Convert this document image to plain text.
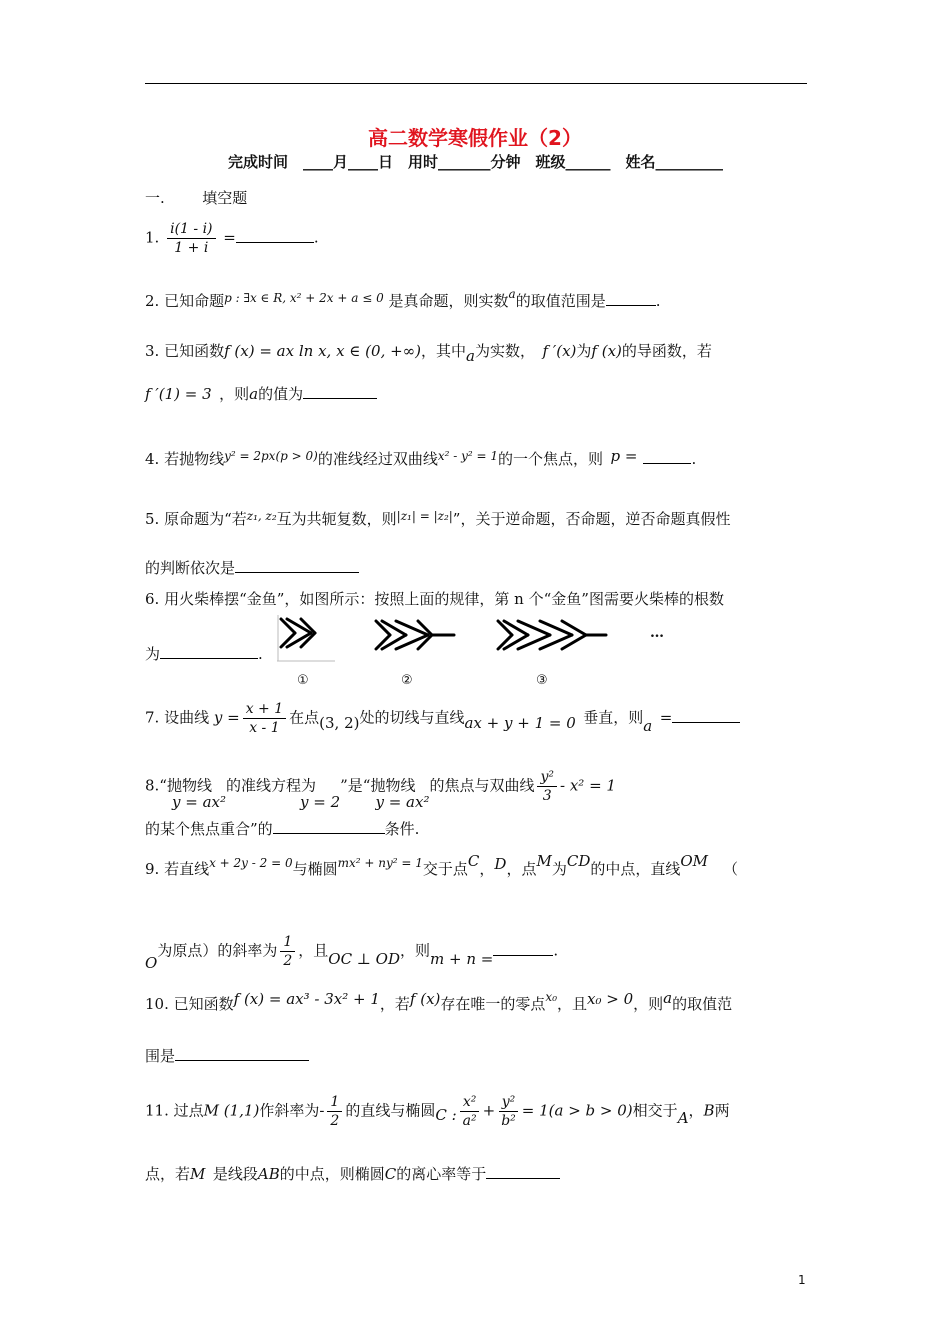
高二数学寒假作业（2）
完成时间　____月____日　用时_______分钟　班级______　姓名_________
一.   	填空题
1. $\frac{i(1 - i)}{1 + i}$ =	.
2. 已知命题$^{p : \exists x \in R, x^2 + 2x + a \le 0}$ 是真命题，则实数$^a$的取值范围是	.
3. 已知函数f (x) = ax ln x, x ∈ (0, +∞)，其中a为实数，  f ′(x)为f (x)的导函数，若
f ′(1) = 3  ，则a的值为
4. 若抛物线$^{y^2 = 2px(p > 0)}$的准线经过双曲线$^{x^2 - y^2 = 1}$的一个焦点，则  p =	.
5. 原命题为“若$^{z_1, z_2}$互为共轭复数，则$^{|z_1| = |z_2|}$”，关于逆命题，否命题，逆否命题真假性
的判断依次是
6. 用火柴棒摆“金鱼”，如图所示：按照上面的规律，第 n 个“金鱼”图需要火柴棒的根数
为	.
…
①	②	③
7. 设曲线 $y = \frac{x + 1}{x - 1}$ 在点(3, 2)处的切线与直线ax + y + 1 = 0  垂直，则a  =
8.“抛物线y = ax²的准线方程为y = 2”是“抛物线y = ax²的焦点与双曲线 $\frac{\text{y²}}{3} - x^2 = 1$
的某个焦点重合”的	条件.
9. 若直线$^{x + 2y - 2 = 0}$与椭圆$^{mx^2 + ny^2 = 1}$交于点C，D，点M为CD的中点，直线OM  （
O为原点）的斜率为 $\frac{1}{2}$ ，且OC ⊥ OD，则m + n =	.
10. 已知函数f (x) = ax³ - 3x² + 1，若f (x)存在唯一的零点$^{x_0}$，且x₀ > 0，则a的取值范
围是
11. 过点M (1,1)作斜率为- $\frac{1}{2}$ 的直线与椭圆C : $\frac{\text{x²}}{\text{a²}} + \frac{\text{y²}}{\text{b²}} = 1(a > b > 0)$相交于A，B两
点，若M  是线段AB的中点，则椭圆C的离心率等于
1
